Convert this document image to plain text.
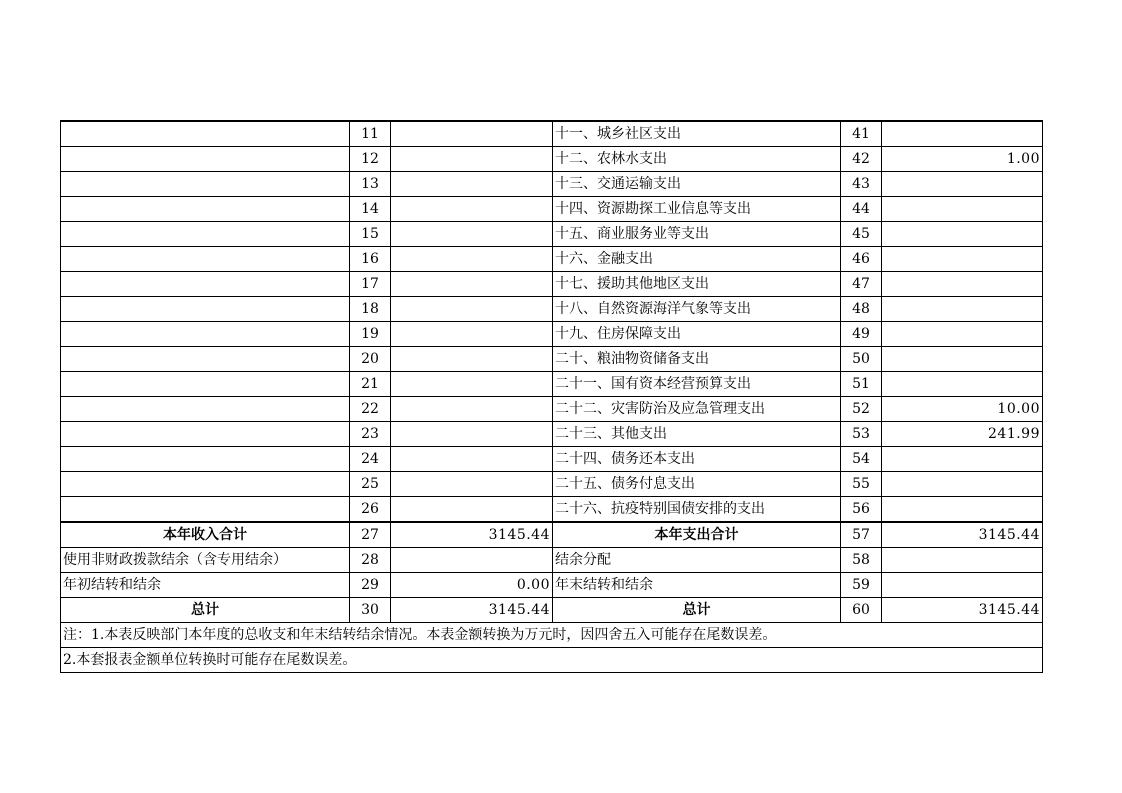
	11		十一、城乡社区支出	41	
	12		十二、农林水支出	42	1.00
	13		十三、交通运输支出	43	
	14		十四、资源勘探工业信息等支出	44	
	15		十五、商业服务业等支出	45	
	16		十六、金融支出	46	
	17		十七、援助其他地区支出	47	
	18		十八、自然资源海洋气象等支出	48	
	19		十九、住房保障支出	49	
	20		二十、粮油物资储备支出	50	
	21		二十一、国有资本经营预算支出	51	
	22		二十二、灾害防治及应急管理支出	52	10.00
	23		二十三、其他支出	53	241.99
	24		二十四、债务还本支出	54	
	25		二十五、债务付息支出	55	
	26		二十六、抗疫特别国债安排的支出	56	
本年收入合计	27	3145.44	本年支出合计	57	3145.44
使用非财政拨款结余（含专用结余）	28		结余分配	58	
年初结转和结余	29	0.00	年末结转和结余	59	
总计	30	3145.44	总计	60	3145.44
注：1.本表反映部门本年度的总收支和年末结转结余情况。本表金额转换为万元时，因四舍五入可能存在尾数误差。					
2.本套报表金额单位转换时可能存在尾数误差。					
